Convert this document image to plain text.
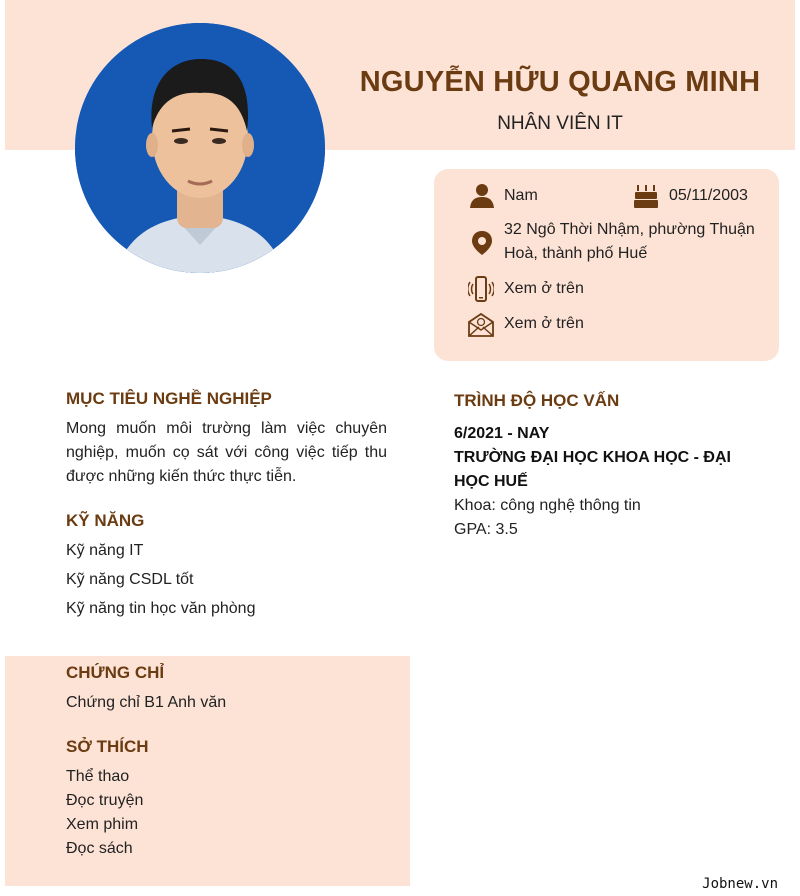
NGUYỄN HỮU QUANG MINH
NHÂN VIÊN IT
Nam	05/11/2003
32 Ngô Thời Nhậm, phường Thuận
Hoà, thành phố Huế
Xem ở trên
Xem ở trên
MỤC TIÊU NGHỀ NGHIỆP
Mong muốn môi trường làm việc chuyên nghiệp, muốn cọ sát với công việc tiếp thu được những kiến thức thực tiễn.
KỸ NĂNG
Kỹ năng IT
Kỹ năng CSDL tốt
Kỹ năng tin học văn phòng
CHỨNG CHỈ
Chứng chỉ B1 Anh văn
SỞ THÍCH
Thể thao
Đọc truyện
Xem phim
Đọc sách
TRÌNH ĐỘ HỌC VẤN
6/2021 - NAY
TRƯỜNG ĐẠI HỌC KHOA HỌC - ĐẠI HỌC HUẾ
Khoa: công nghệ thông tin
GPA: 3.5
Jobnew.vn
